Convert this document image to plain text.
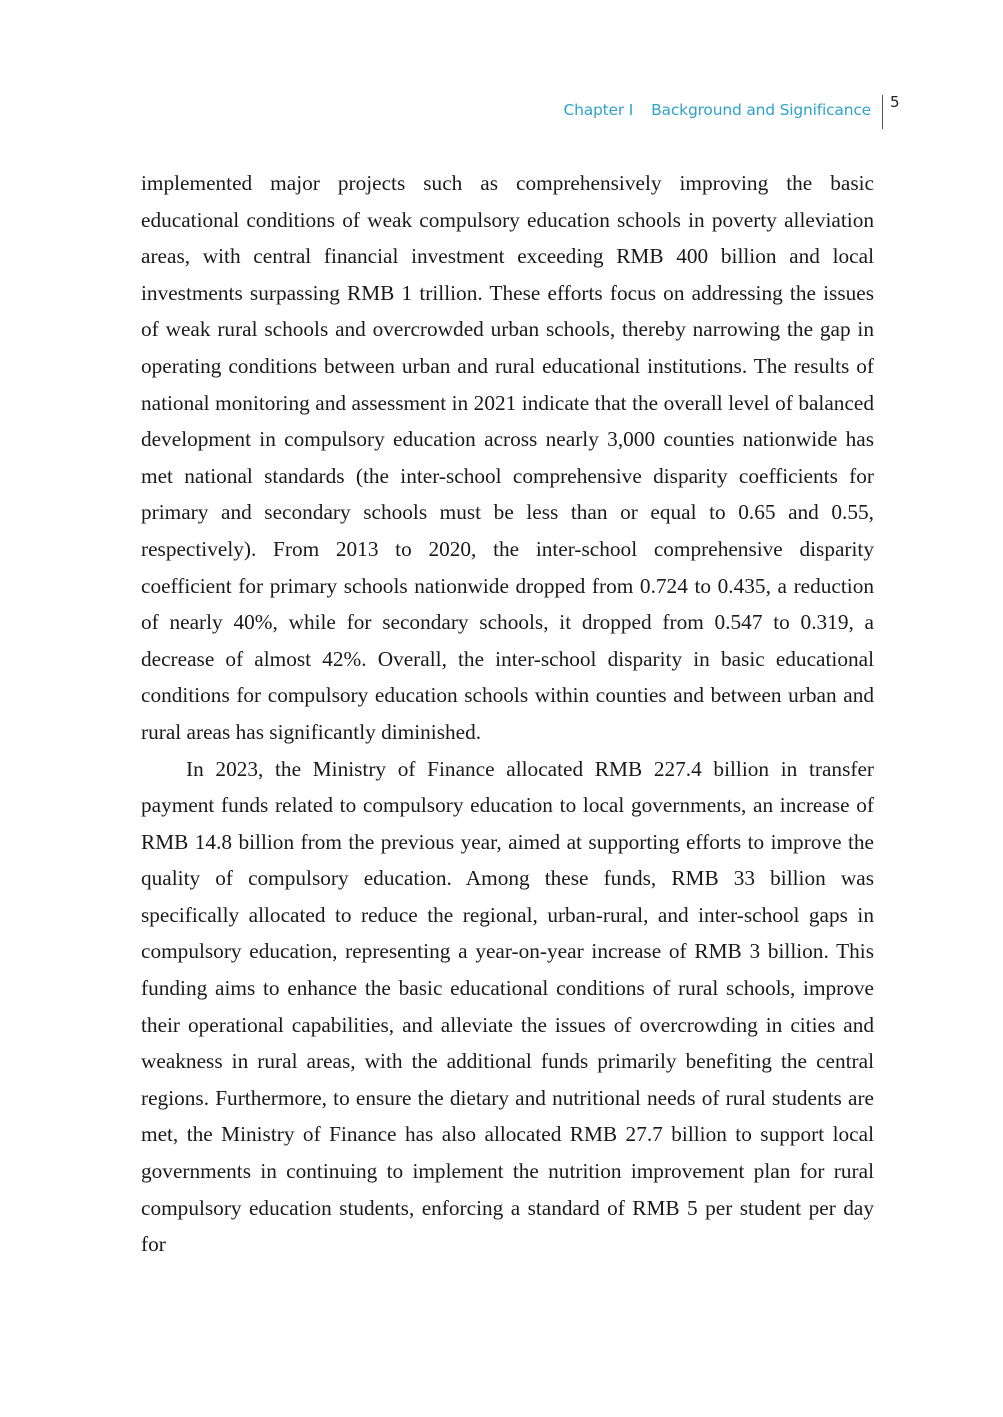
Chapter Ⅰ Background and Significance 5

implemented major projects such as comprehensively improving the basic educational conditions of weak compulsory education schools in poverty alleviation areas, with central financial investment exceeding RMB 400 billion and local investments surpassing RMB 1 trillion. These efforts focus on addressing the issues of weak rural schools and overcrowded urban schools, thereby narrowing the gap in operating conditions between urban and rural educational institutions. The results of national monitoring and assessment in 2021 indicate that the overall level of balanced development in compulsory education across nearly 3,000 counties nationwide has met national standards (the inter-school comprehensive disparity coefficients for primary and secondary schools must be less than or equal to 0.65 and 0.55, respectively). From 2013 to 2020, the inter-school comprehensive disparity coefficient for primary schools nationwide dropped from 0.724 to 0.435, a reduction of nearly 40%, while for secondary schools, it dropped from 0.547 to 0.319, a decrease of almost 42%. Overall, the inter-school disparity in basic educational conditions for compulsory education schools within counties and between urban and rural areas has significantly diminished.

In 2023, the Ministry of Finance allocated RMB 227.4 billion in transfer payment funds related to compulsory education to local governments, an increase of RMB 14.8 billion from the previous year, aimed at supporting efforts to improve the quality of compulsory education. Among these funds, RMB 33 billion was specifically allocated to reduce the regional, urban-rural, and inter-school gaps in compulsory education, representing a year-on-year increase of RMB 3 billion. This funding aims to enhance the basic educational conditions of rural schools, improve their operational capabilities, and alleviate the issues of overcrowding in cities and weakness in rural areas, with the additional funds primarily benefiting the central regions. Furthermore, to ensure the dietary and nutritional needs of rural students are met, the Ministry of Finance has also allocated RMB 27.7 billion to support local governments in continuing to implement the nutrition improvement plan for rural compulsory education students, enforcing a standard of RMB 5 per student per day for
